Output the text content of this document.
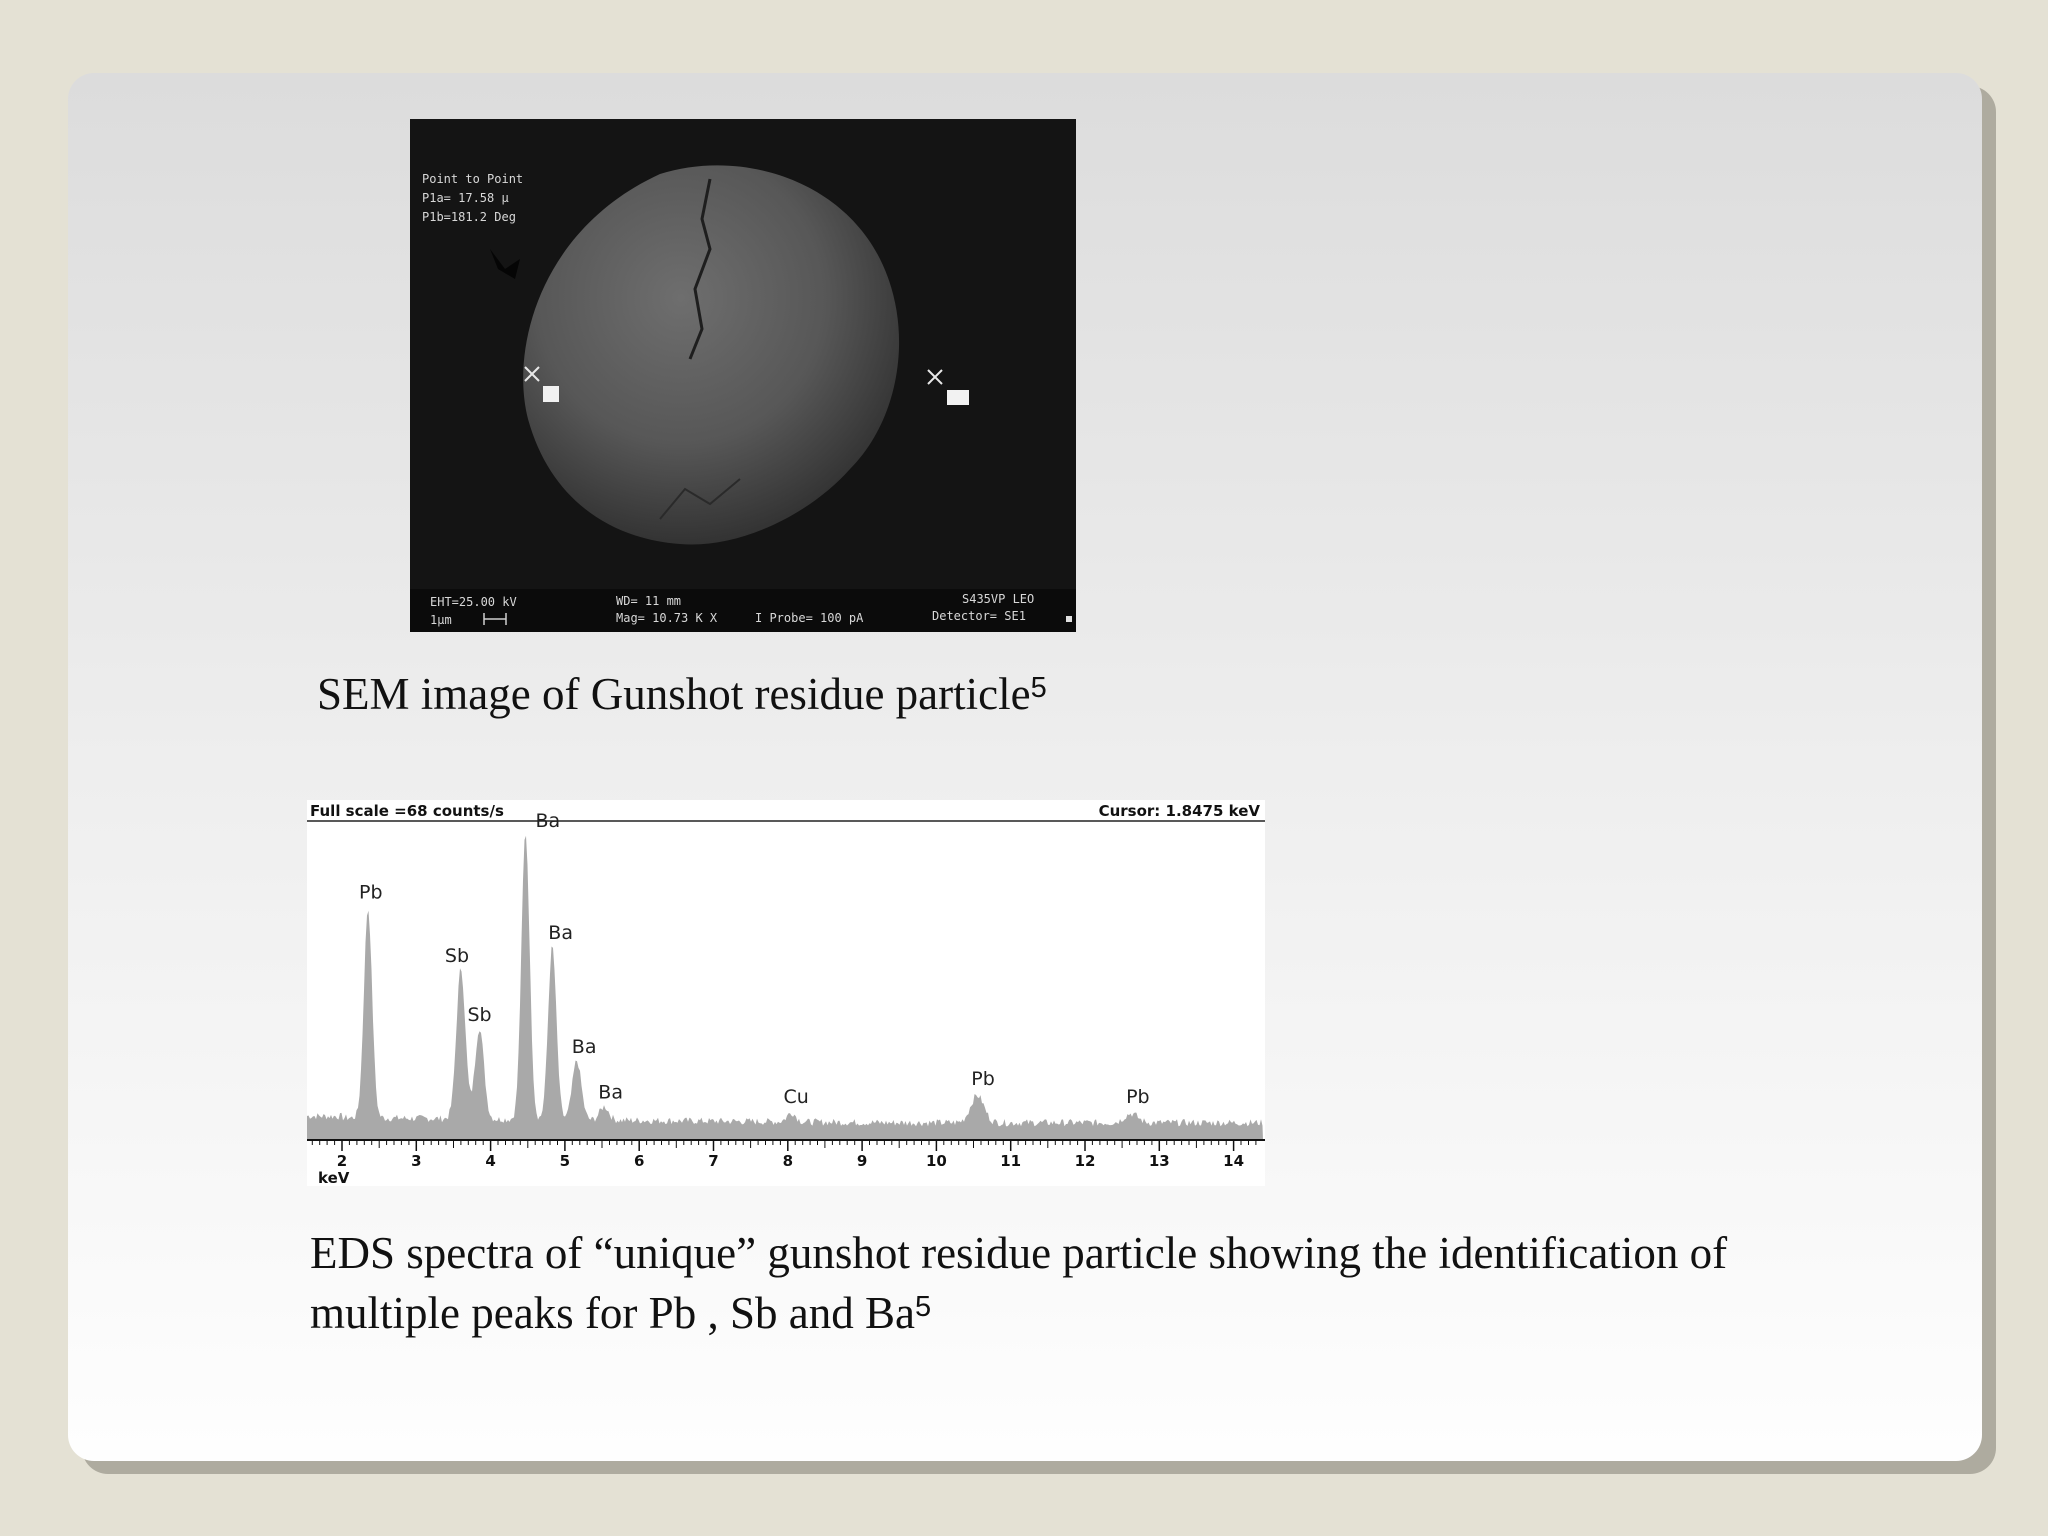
Point to Point
P1a= 17.58 µ
P1b=181.2 Deg
EHT=25.00 kV
1µm
WD= 11 mm
Mag= 10.73 K X	I Probe= 100 pA
S435VP LEO
Detector= SE1
SEM image of Gunshot residue particle$^5$
Full scale =68 counts/s	Cursor: 1.8475 keV
Pb
Sb
Sb
Ba
Ba
Ba
Ba	Cu
Pb
Pb
2	3	4	5	6	7	8	9	10	11	12	13	14
keV
EDS spectra of “unique” gunshot residue particle showing the identification of multiple peaks for Pb , Sb and Ba$^5$
